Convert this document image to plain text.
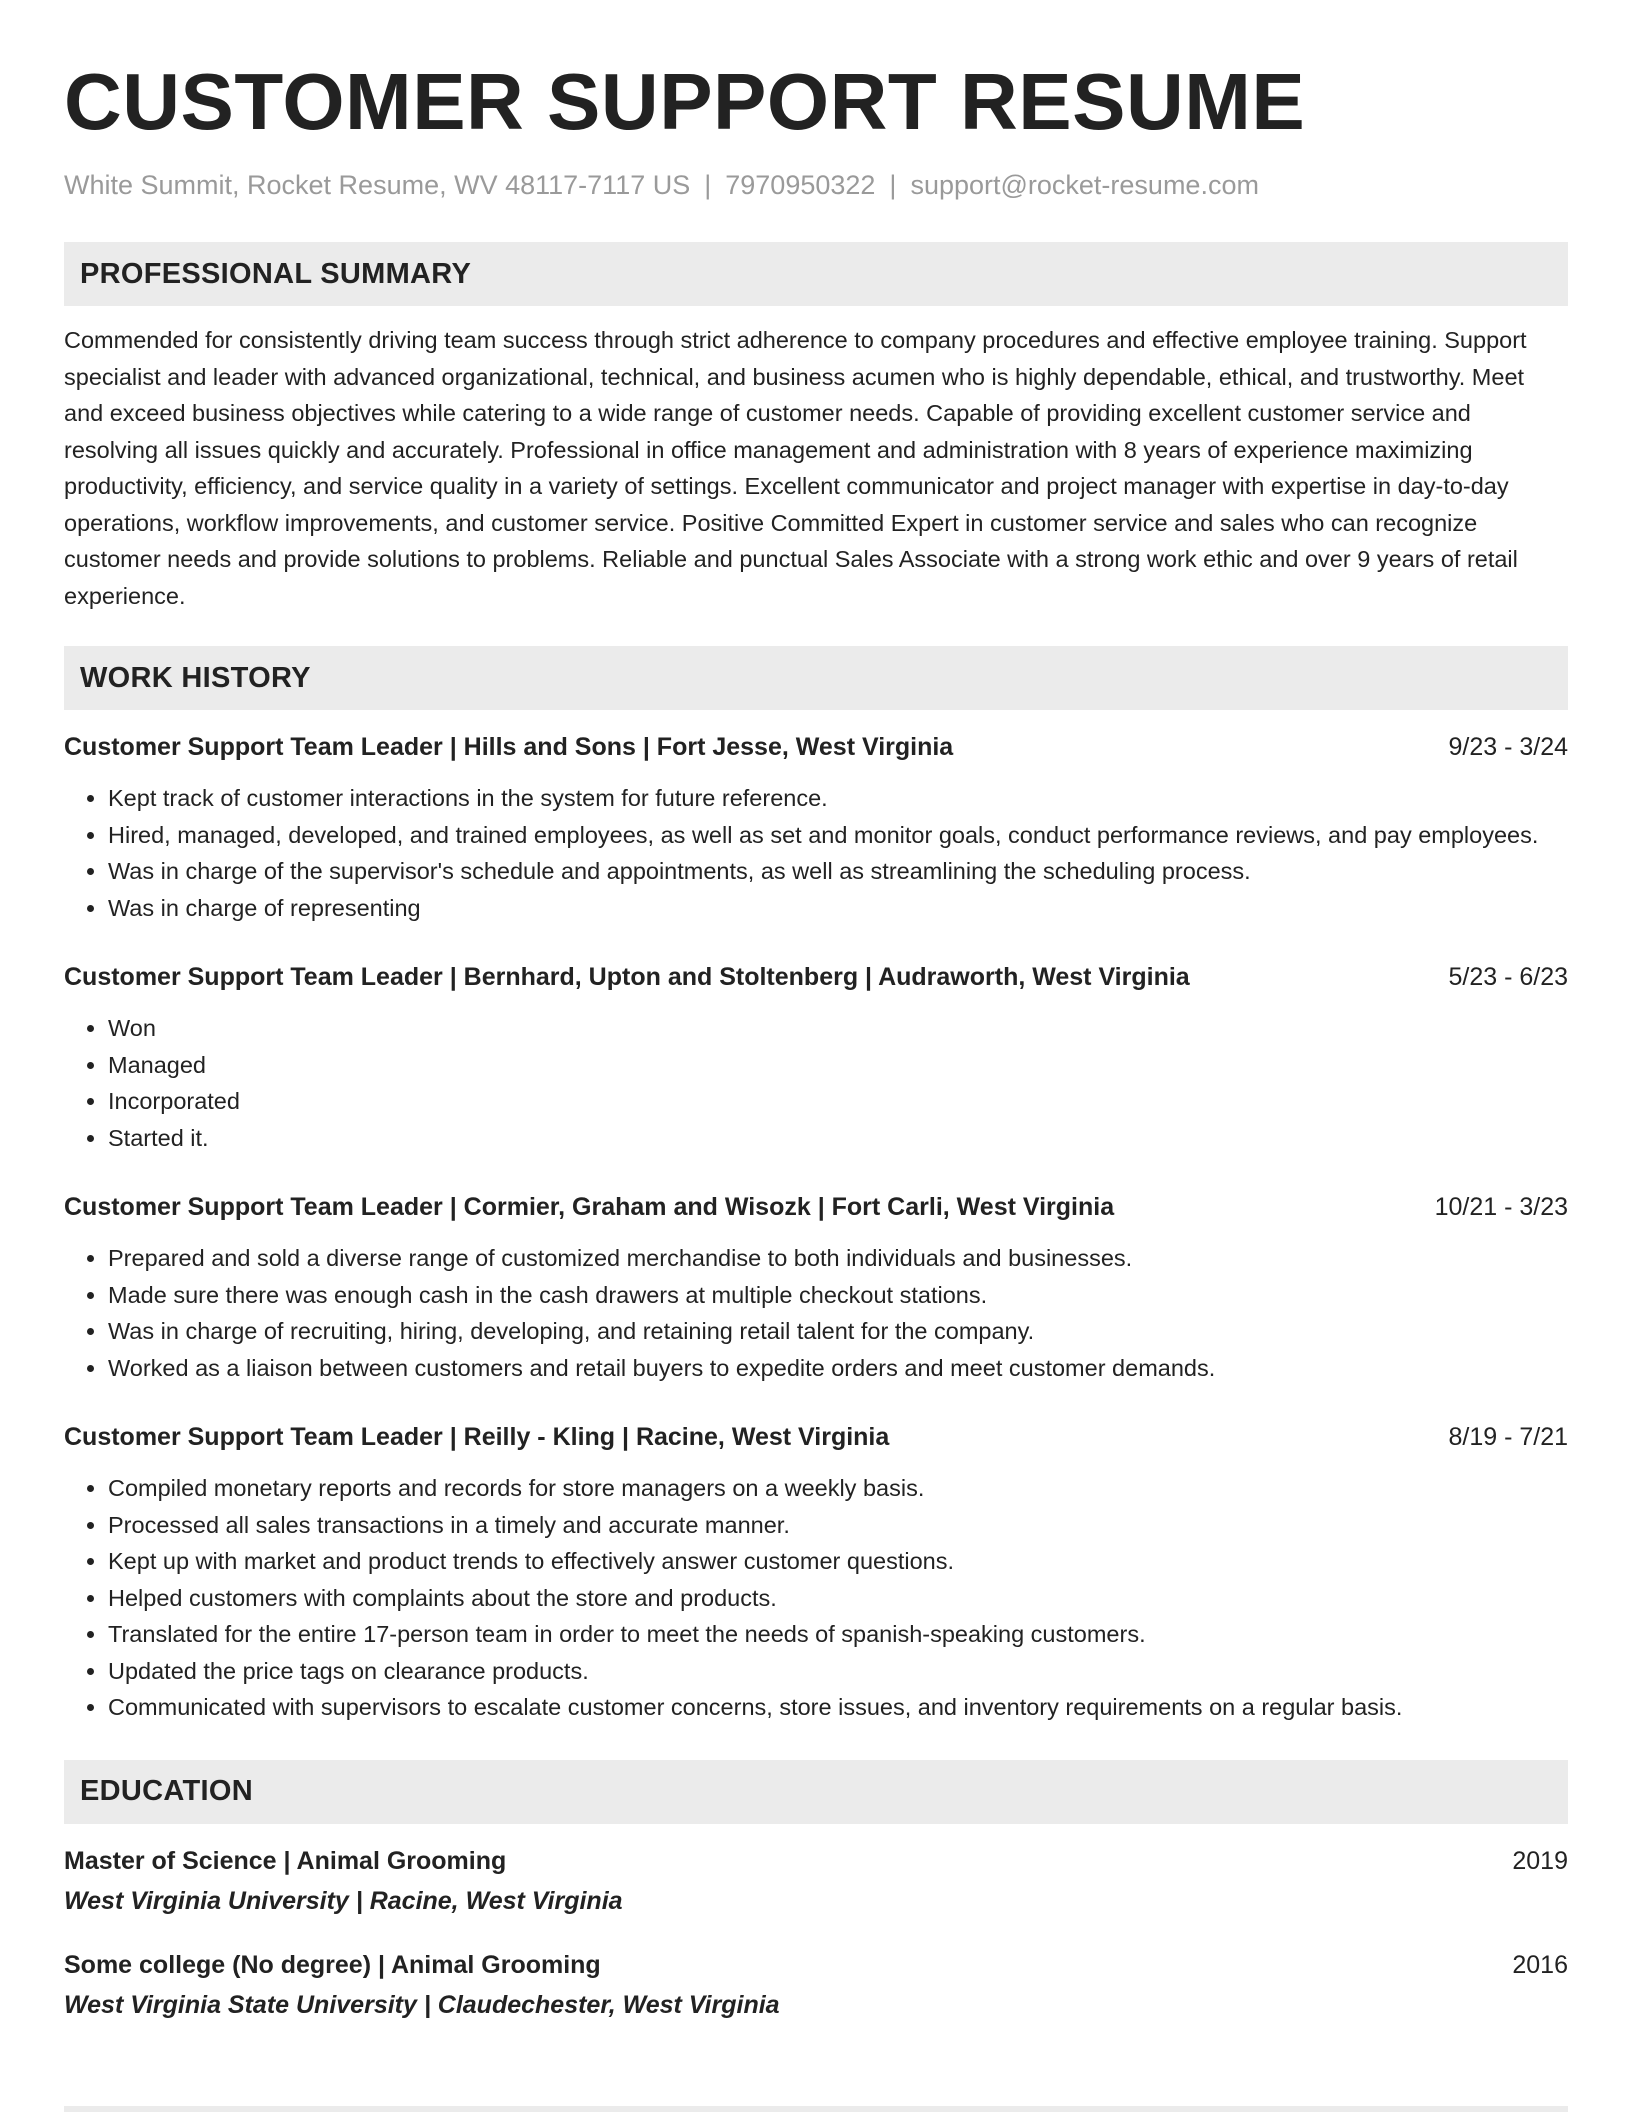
CUSTOMER SUPPORT RESUME
White Summit, Rocket Resume, WV 48117-7117 US | 7970950322 | support@rocket-resume.com
PROFESSIONAL SUMMARY
Commended for consistently driving team success through strict adherence to company procedures and effective employee training. Support specialist and leader with advanced organizational, technical, and business acumen who is highly dependable, ethical, and trustworthy. Meet and exceed business objectives while catering to a wide range of customer needs. Capable of providing excellent customer service and resolving all issues quickly and accurately. Professional in office management and administration with 8 years of experience maximizing productivity, efficiency, and service quality in a variety of settings. Excellent communicator and project manager with expertise in day-to-day operations, workflow improvements, and customer service. Positive Committed Expert in customer service and sales who can recognize customer needs and provide solutions to problems. Reliable and punctual Sales Associate with a strong work ethic and over 9 years of retail experience.
WORK HISTORY
Customer Support Team Leader | Hills and Sons | Fort Jesse, West Virginia	9/23 - 3/24
• Kept track of customer interactions in the system for future reference.
• Hired, managed, developed, and trained employees, as well as set and monitor goals, conduct performance reviews, and pay employees.
• Was in charge of the supervisor's schedule and appointments, as well as streamlining the scheduling process.
• Was in charge of representing
Customer Support Team Leader | Bernhard, Upton and Stoltenberg | Audraworth, West Virginia	5/23 - 6/23
• Won
• Managed
• Incorporated
• Started it.
Customer Support Team Leader | Cormier, Graham and Wisozk | Fort Carli, West Virginia	10/21 - 3/23
• Prepared and sold a diverse range of customized merchandise to both individuals and businesses.
• Made sure there was enough cash in the cash drawers at multiple checkout stations.
• Was in charge of recruiting, hiring, developing, and retaining retail talent for the company.
• Worked as a liaison between customers and retail buyers to expedite orders and meet customer demands.
Customer Support Team Leader | Reilly - Kling | Racine, West Virginia	8/19 - 7/21
• Compiled monetary reports and records for store managers on a weekly basis.
• Processed all sales transactions in a timely and accurate manner.
• Kept up with market and product trends to effectively answer customer questions.
• Helped customers with complaints about the store and products.
• Translated for the entire 17-person team in order to meet the needs of spanish-speaking customers.
• Updated the price tags on clearance products.
• Communicated with supervisors to escalate customer concerns, store issues, and inventory requirements on a regular basis.
EDUCATION
Master of Science | Animal Grooming	2019
West Virginia University | Racine, West Virginia
Some college (No degree) | Animal Grooming	2016
West Virginia State University | Claudechester, West Virginia
